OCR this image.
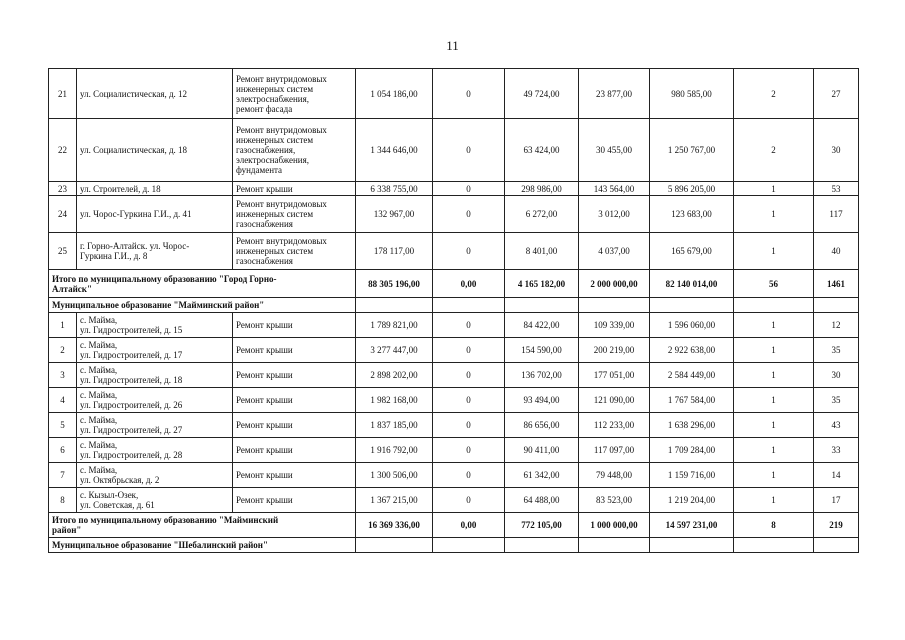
11
21	ул. Социалистическая, д. 12	Ремонт внутридомовых
инженерных систем
электроснабжения,
ремонт фасада	1 054 186,00	0	49 724,00	23 877,00	980 585,00	2	27
22	ул. Социалистическая, д. 18	Ремонт внутридомовых
инженерных систем
газоснабжения,
электроснабжения,
фундамента	1 344 646,00	0	63 424,00	30 455,00	1 250 767,00	2	30
23	ул. Строителей, д. 18	Ремонт крыши	6 338 755,00	0	298 986,00	143 564,00	5 896 205,00	1	53
24	ул. Чорос-Гуркина Г.И., д. 41	Ремонт внутридомовых
инженерных систем
газоснабжения	132 967,00	0	6 272,00	3 012,00	123 683,00	1	117
25	г. Горно-Алтайск. ул. Чорос-
Гуркина Г.И., д. 8	Ремонт внутридомовых
инженерных систем
газоснабжения	178 117,00	0	8 401,00	4 037,00	165 679,00	1	40
Итого по муниципальному образованию "Город Горно-
Алтайск"			88 305 196,00	0,00	4 165 182,00	2 000 000,00	82 140 014,00	56	1461
Муниципальное образование "Майминский район"									
1	с. Майма,
ул. Гидростроителей, д. 15	Ремонт крыши	1 789 821,00	0	84 422,00	109 339,00	1 596 060,00	1	12
2	с. Майма,
ул. Гидростроителей, д. 17	Ремонт крыши	3 277 447,00	0	154 590,00	200 219,00	2 922 638,00	1	35
3	с. Майма,
ул. Гидростроителей, д. 18	Ремонт крыши	2 898 202,00	0	136 702,00	177 051,00	2 584 449,00	1	30
4	с. Майма,
ул. Гидростроителей, д. 26	Ремонт крыши	1 982 168,00	0	93 494,00	121 090,00	1 767 584,00	1	35
5	с. Майма,
ул. Гидростроителей, д. 27	Ремонт крыши	1 837 185,00	0	86 656,00	112 233,00	1 638 296,00	1	43
6	с. Майма,
ул. Гидростроителей, д. 28	Ремонт крыши	1 916 792,00	0	90 411,00	117 097,00	1 709 284,00	1	33
7	с. Майма,
ул. Октябрьская, д. 2	Ремонт крыши	1 300 506,00	0	61 342,00	79 448,00	1 159 716,00	1	14
8	с. Кызыл-Озек,
ул. Советская, д. 61	Ремонт крыши	1 367 215,00	0	64 488,00	83 523,00	1 219 204,00	1	17
Итого по муниципальному образованию "Майминский
район"			16 369 336,00	0,00	772 105,00	1 000 000,00	14 597 231,00	8	219
Муниципальное образование "Шебалинский район"									
